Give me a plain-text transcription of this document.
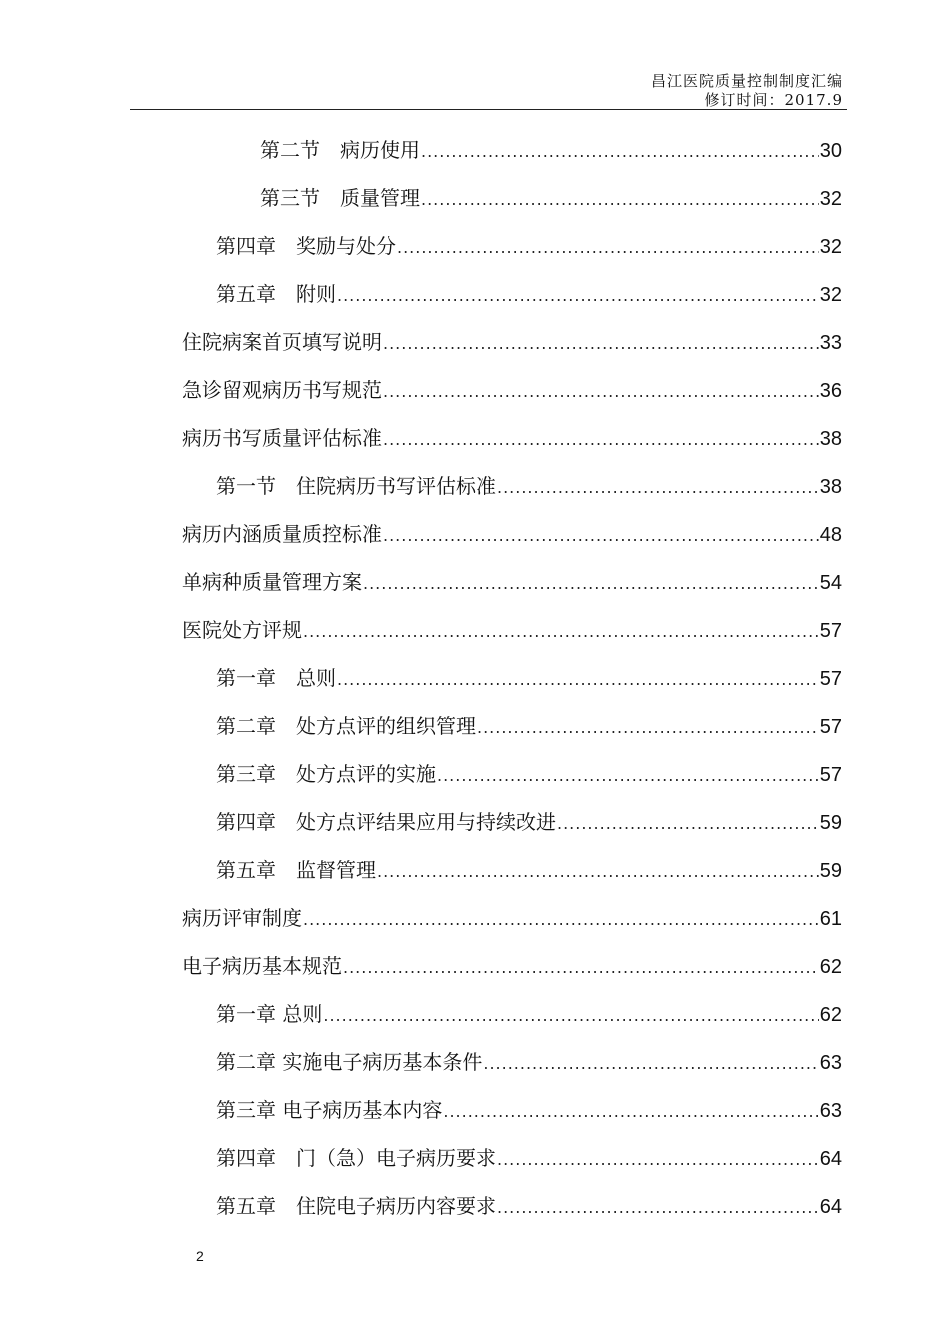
昌江医院质量控制制度汇编
修订时间：2017.9
第二节　病历使用 .....	30
第三节　质量管理 .....	32
第四章　奖励与处分 .....	32
第五章　附则 .....	32
住院病案首页填写说明 .....	33
急诊留观病历书写规范 .....	36
病历书写质量评估标准 .....	38
第一节　住院病历书写评估标准 .....	38
病历内涵质量质控标准 .....	48
单病种质量管理方案 .....	54
医院处方评规 .....	57
第一章　总则 .....	57
第二章　处方点评的组织管理 .....	57
第三章　处方点评的实施 .....	57
第四章　处方点评结果应用与持续改进 .....	59
第五章　监督管理 .....	59
病历评审制度 .....	61
电子病历基本规范 .....	62
第一章 总则 .....	62
第二章 实施电子病历基本条件 .....	63
第三章 电子病历基本内容 .....	63
第四章　门（急）电子病历要求 .....	64
第五章　住院电子病历内容要求 .....	64
2
